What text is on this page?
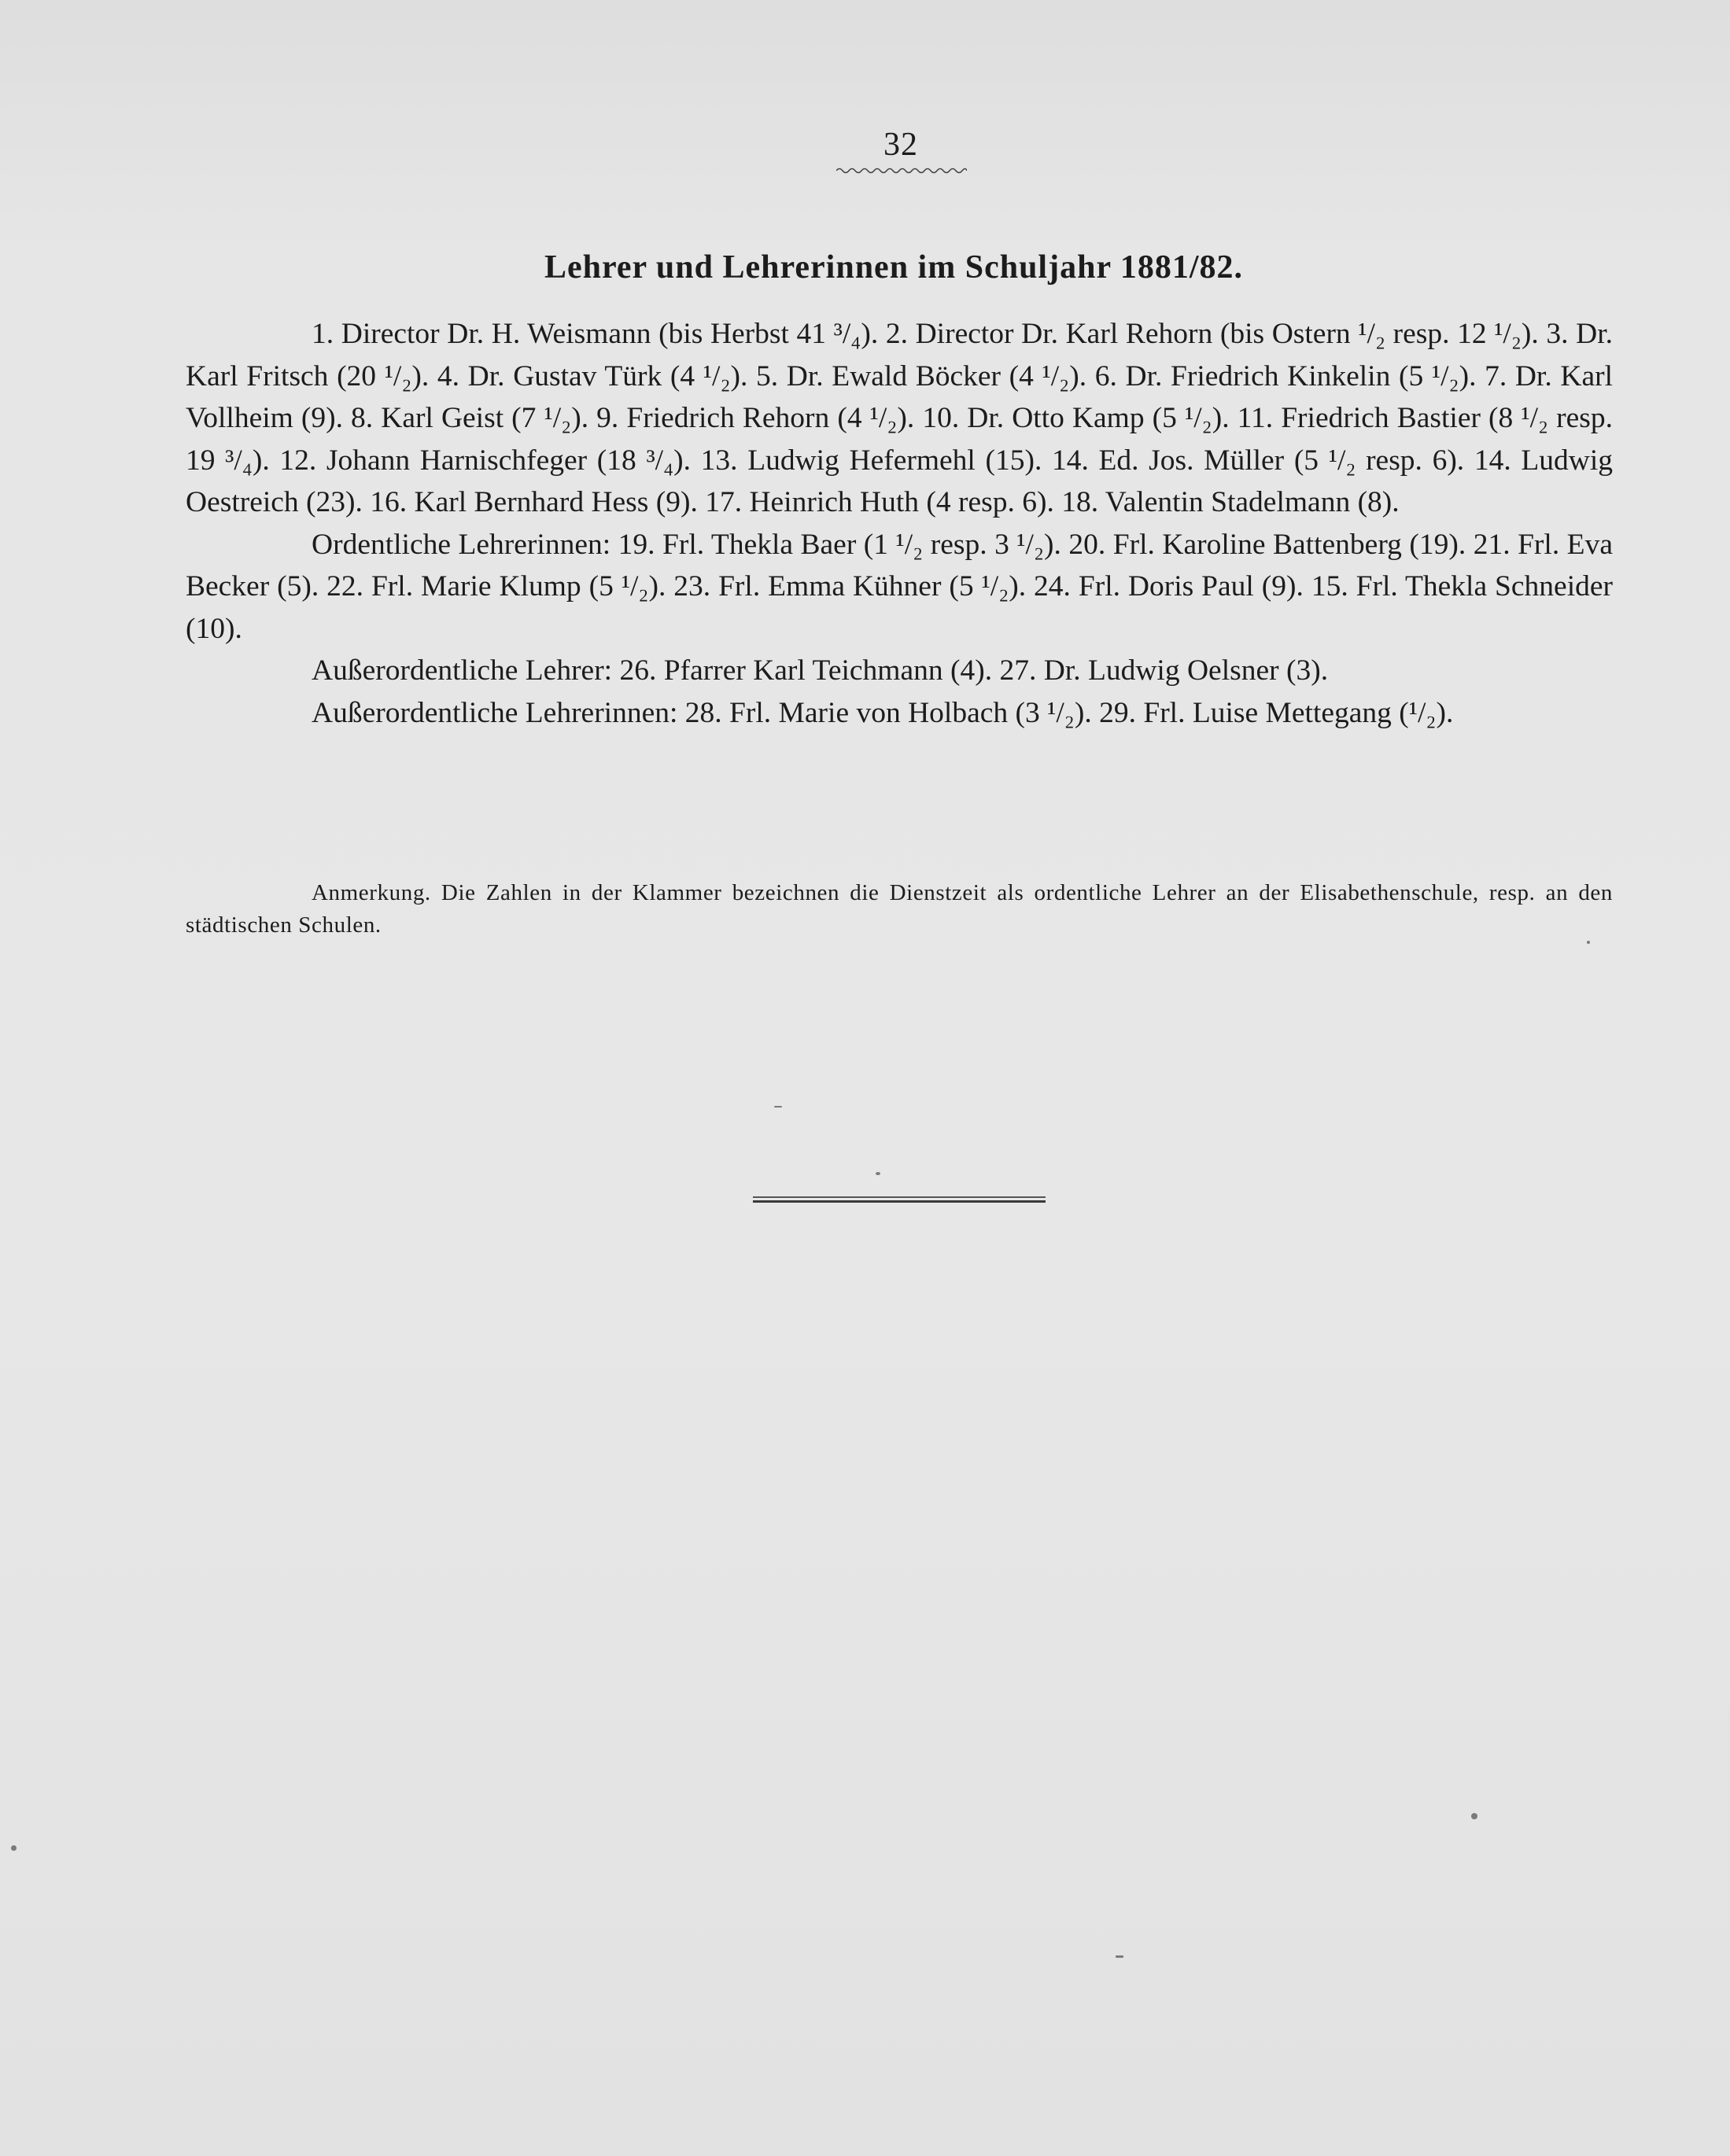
32
Lehrer und Lehrerinnen im Schuljahr 1881/82.

1. Director Dr. H. Weismann (bis Herbst 41 ³/₄). 2. Director Dr. Karl Rehorn (bis Ostern ¹/₂ resp. 12 ¹/₂). 3. Dr. Karl Fritsch (20 ¹/₂). 4. Dr. Gustav Türk (4 ¹/₂). 5. Dr. Ewald Böcker (4 ¹/₂). 6. Dr. Friedrich Kinkelin (5 ¹/₂). 7. Dr. Karl Vollheim (9). 8. Karl Geist (7 ¹/₂). 9. Friedrich Rehorn (4 ¹/₂). 10. Dr. Otto Kamp (5 ¹/₂). 11. Friedrich Bastier (8 ¹/₂ resp. 19 ³/₄). 12. Johann Harnischfeger (18 ³/₄). 13. Ludwig Hefermehl (15). 14. Ed. Jos. Müller (5 ¹/₂ resp. 6). 14. Ludwig Oestreich (23). 16. Karl Bernhard Hess (9). 17. Heinrich Huth (4 resp. 6). 18. Valentin Stadelmann (8).

Ordentliche Lehrerinnen: 19. Frl. Thekla Baer (1 ¹/₂ resp. 3 ¹/₂). 20. Frl. Karoline Battenberg (19). 21. Frl. Eva Becker (5). 22. Frl. Marie Klump (5 ¹/₂). 23. Frl. Emma Kühner (5 ¹/₂). 24. Frl. Doris Paul (9). 15. Frl. Thekla Schneider (10).

Außerordentliche Lehrer: 26. Pfarrer Karl Teichmann (4). 27. Dr. Ludwig Oelsner (3).

Außerordentliche Lehrerinnen: 28. Frl. Marie von Holbach (3 ¹/₂). 29. Frl. Luise Mettegang (¹/₂).

Anmerkung. Die Zahlen in der Klammer bezeichnen die Dienstzeit als ordentliche Lehrer an der Elisabethenschule, resp. an den städtischen Schulen.
